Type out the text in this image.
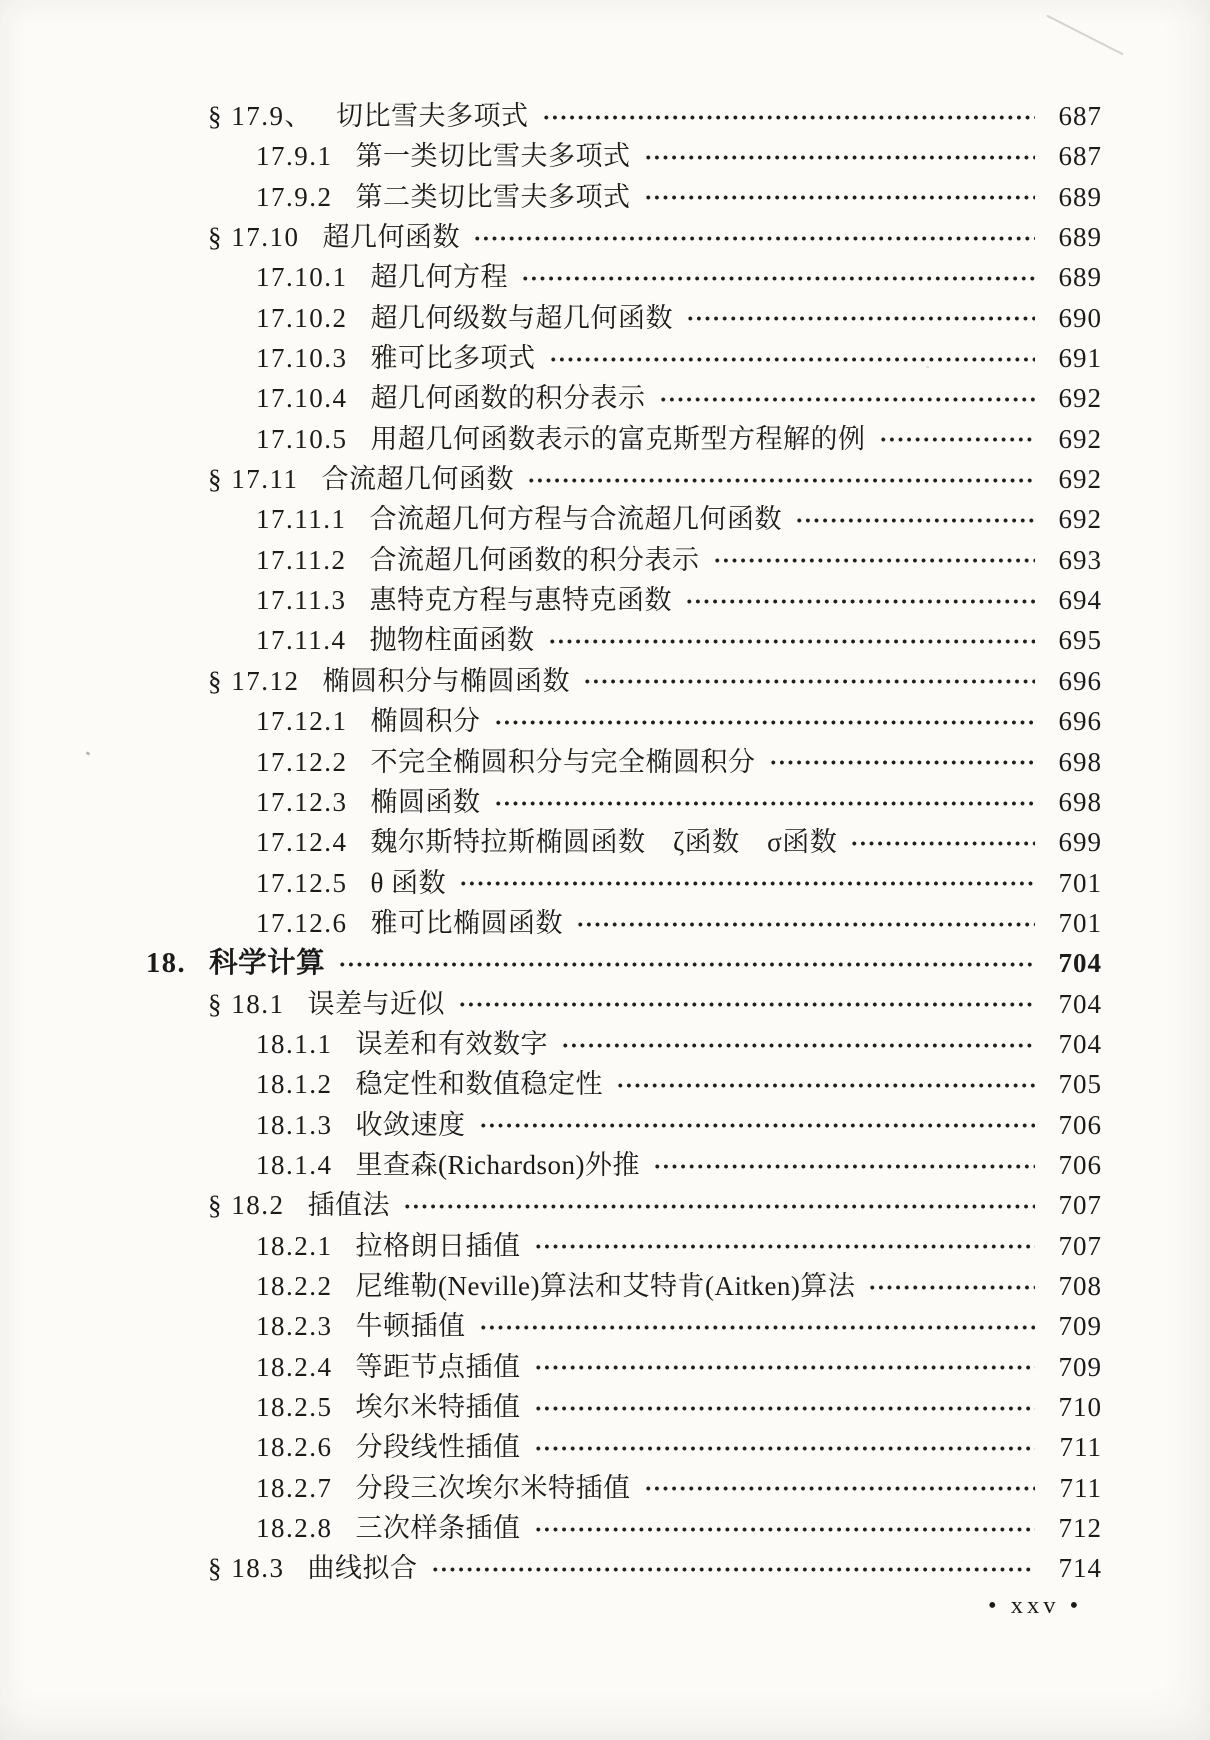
§ 17.9、 切比雪夫多项式	687
17.9.1 第一类切比雪夫多项式	687
17.9.2 第二类切比雪夫多项式	689
§ 17.10 超几何函数	689
17.10.1 超几何方程	689
17.10.2 超几何级数与超几何函数	690
17.10.3 雅可比多项式	691
17.10.4 超几何函数的积分表示	692
17.10.5 用超几何函数表示的富克斯型方程解的例	692
§ 17.11 合流超几何函数	692
17.11.1 合流超几何方程与合流超几何函数	692
17.11.2 合流超几何函数的积分表示	693
17.11.3 惠特克方程与惠特克函数	694
17.11.4 抛物柱面函数	695
§ 17.12 椭圆积分与椭圆函数	696
17.12.1 椭圆积分	696
17.12.2 不完全椭圆积分与完全椭圆积分	698
17.12.3 椭圆函数	698
17.12.4 魏尔斯特拉斯椭圆函数　ζ函数　σ函数	699
17.12.5 θ 函数	701
17.12.6 雅可比椭圆函数	701
18. 科学计算	704
§ 18.1 误差与近似	704
18.1.1 误差和有效数字	704
18.1.2 稳定性和数值稳定性	705
18.1.3 收敛速度	706
18.1.4 里查森(Richardson)外推	706
§ 18.2 插值法	707
18.2.1 拉格朗日插值	707
18.2.2 尼维勒(Neville)算法和艾特肯(Aitken)算法	708
18.2.3 牛顿插值	709
18.2.4 等距节点插值	709
18.2.5 埃尔米特插值	710
18.2.6 分段线性插值	711
18.2.7 分段三次埃尔米特插值	711
18.2.8 三次样条插值	712
§ 18.3 曲线拟合	714
• xxv •
